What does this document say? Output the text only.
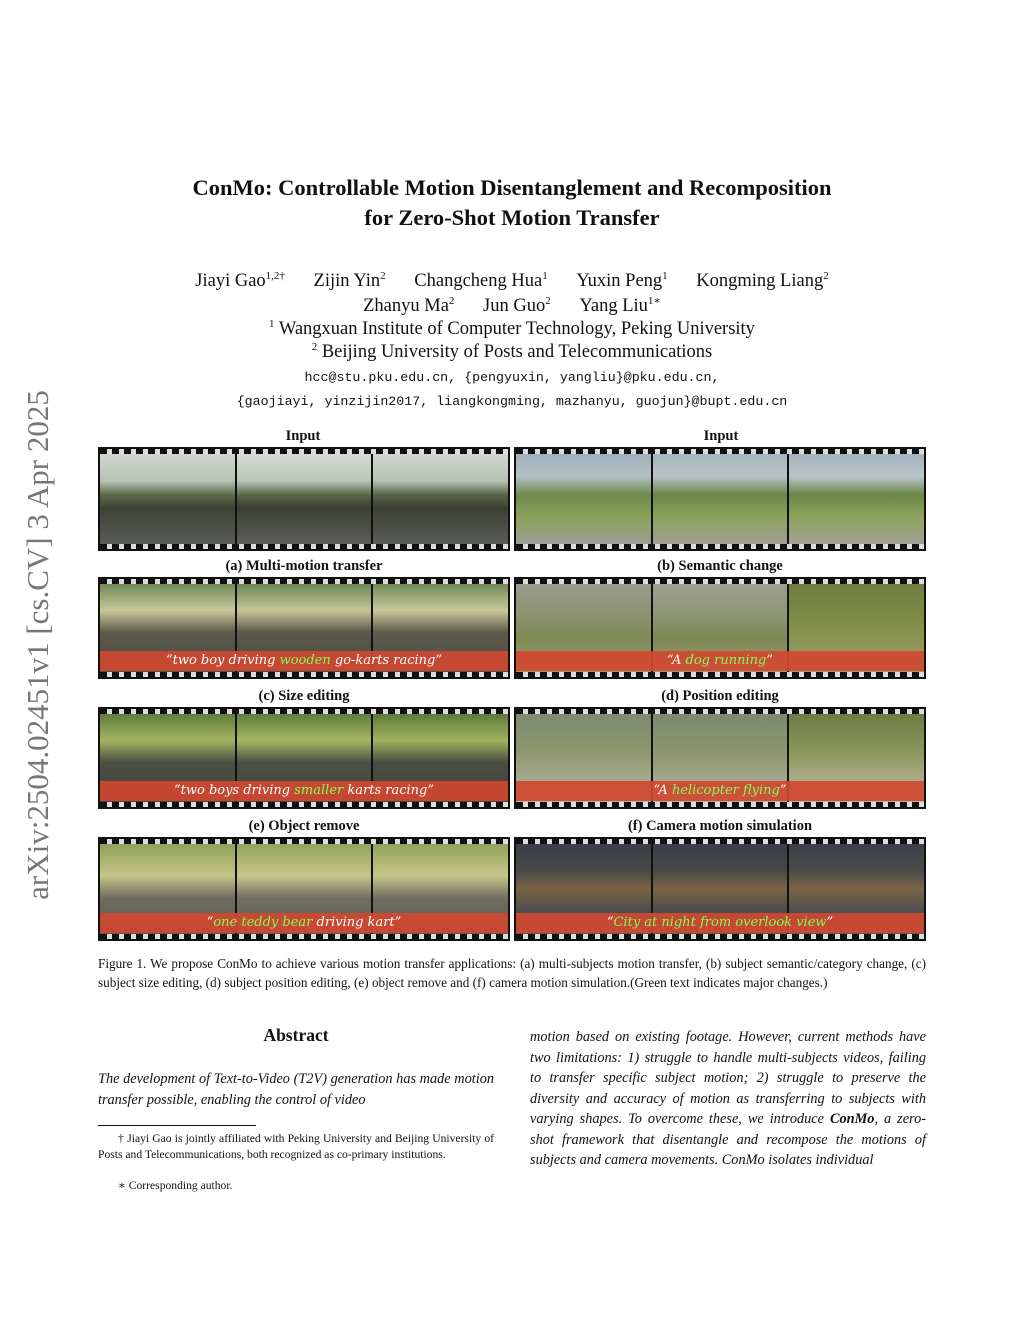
arXiv:2504.02451v1 [cs.CV] 3 Apr 2025
ConMo: Controllable Motion Disentanglement and Recomposition
for Zero-Shot Motion Transfer
Jiayi Gao$^{1,2\dagger}$ Zijin Yin$^2$ Changcheng Hua$^1$ Yuxin Peng$^1$ Kongming Liang$^2$
Zhanyu Ma$^2$ Jun Guo$^2$ Yang Liu$^{1∗}$
$^1$ Wangxuan Institute of Computer Technology, Peking University
$^2$ Beijing University of Posts and Telecommunications
hcc@stu.pku.edu.cn, {pengyuxin, yangliu}@pku.edu.cn,
{gaojiayi, yinzijin2017, liangkongming, mazhanyu, guojun}@bupt.edu.cn
Input	Input
(a) Multi-motion transfer	(b) Semantic change
“two boy driving wooden go-karts racing”	“A dog running”
(c) Size editing	(d) Position editing
“two boys driving smaller karts racing”	“A helicopter flying”
(e) Object remove	(f) Camera motion simulation
“one teddy bear driving kart”	“City at night from overlook view”
Figure 1. We propose ConMo to achieve various motion transfer applications: (a) multi-subjects motion transfer, (b) subject semantic/category change, (c) subject size editing, (d) subject position editing, (e) object remove and (f) camera motion simulation.(Green text indicates major changes.)
Abstract
The development of Text-to-Video (T2V) generation has made motion transfer possible, enabling the control of video
† Jiayi Gao is jointly affiliated with Peking University and Beijing University of Posts and Telecommunications, both recognized as co-primary institutions.
∗ Corresponding author.
motion based on existing footage. However, current methods have two limitations: 1) struggle to handle multi-subjects videos, failing to transfer specific subject motion; 2) struggle to preserve the diversity and accuracy of motion as transferring to subjects with varying shapes. To overcome these, we introduce ConMo, a zero-shot framework that disentangle and recompose the motions of subjects and camera movements. ConMo isolates individual
